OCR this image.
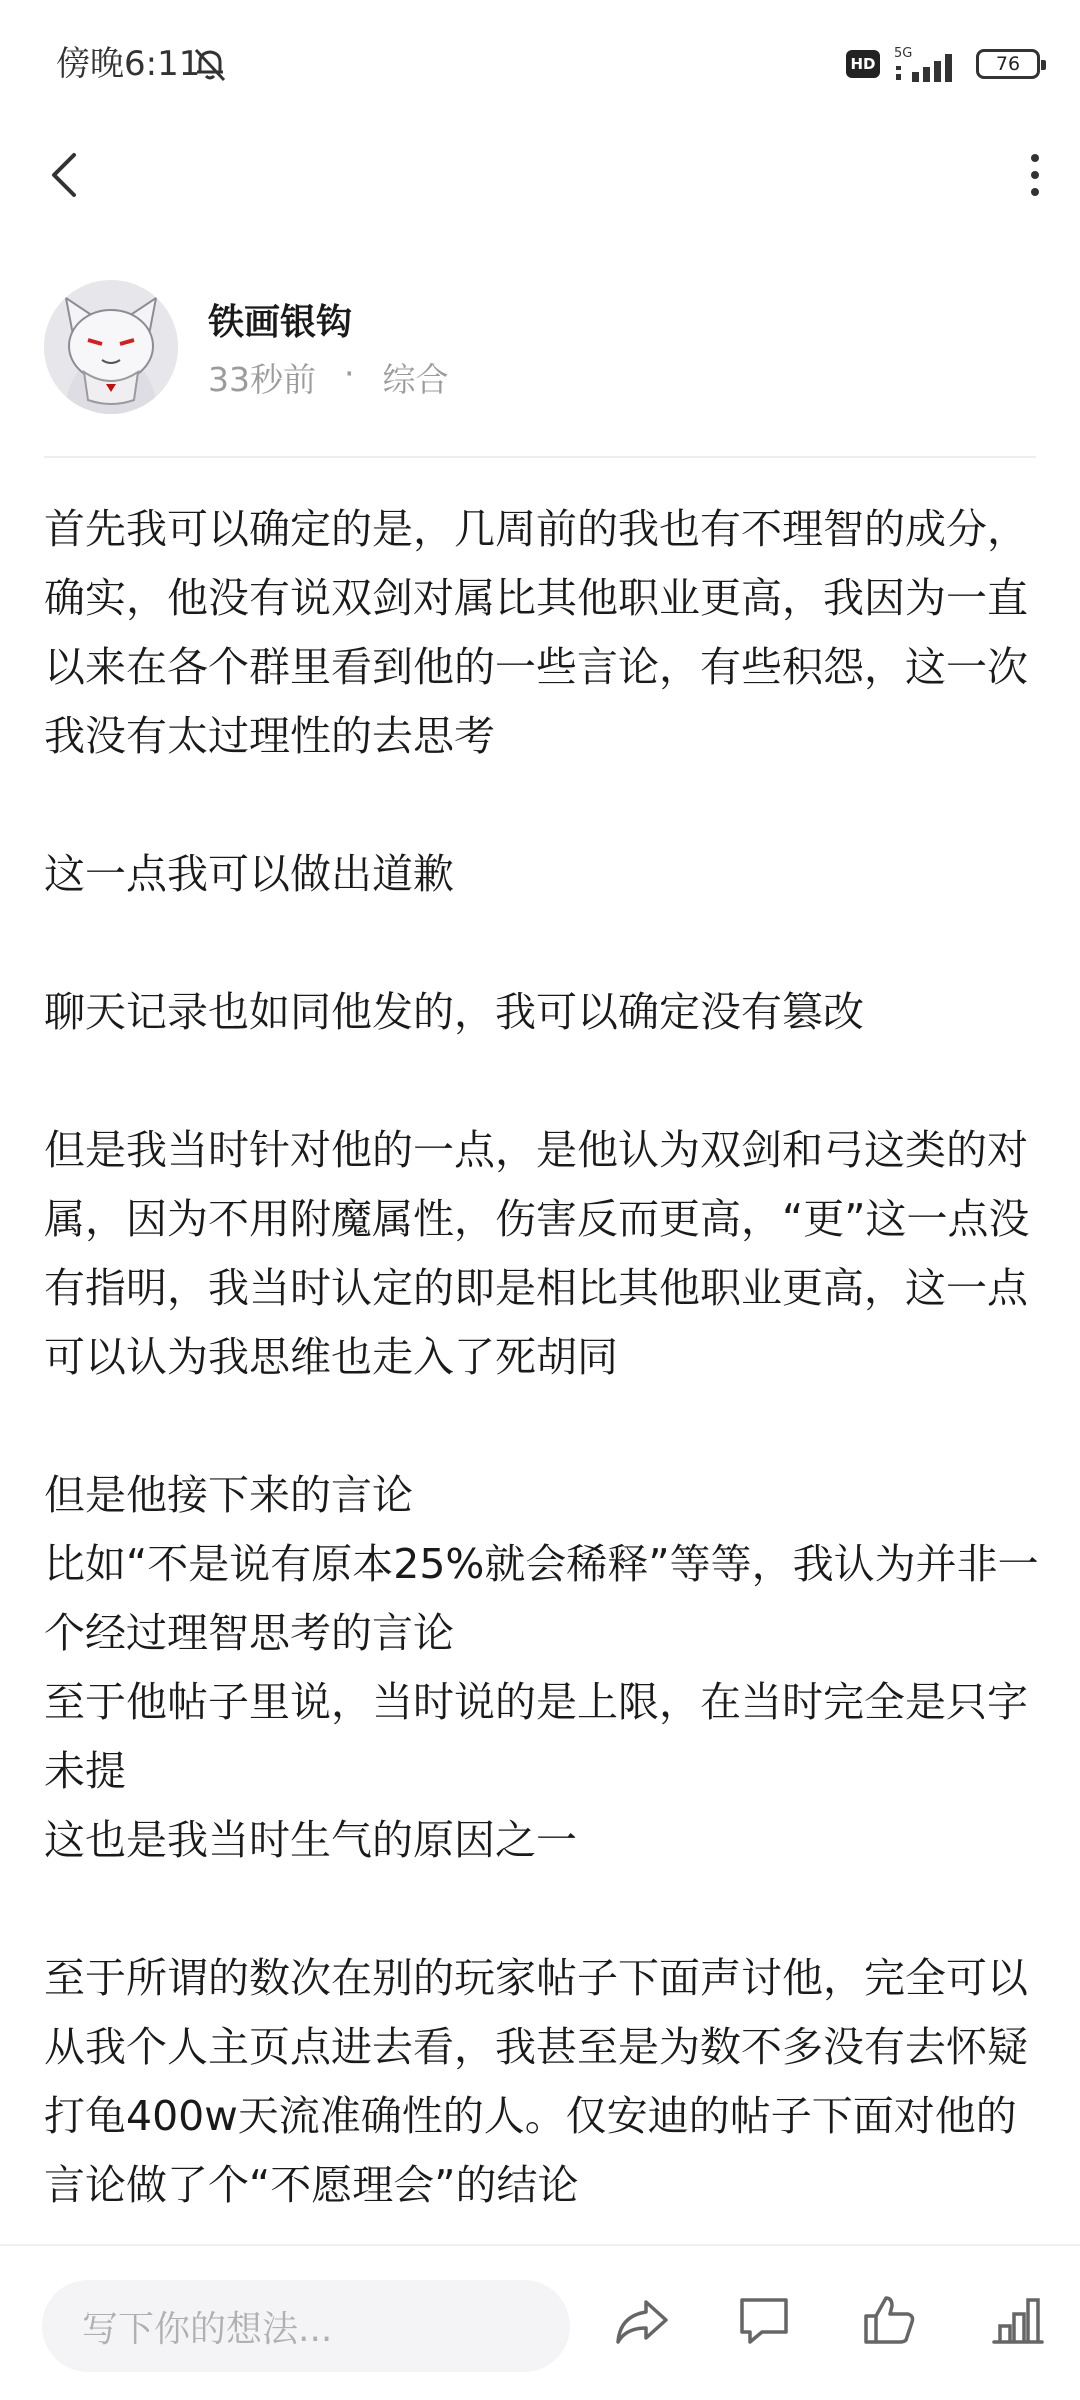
傍晚6:11	HD
5G	76
铁画银钩
33秒前 · 综合

首先我可以确定的是，几周前的我也有不理智的成分，确实，他没有说双剑对属比其他职业更高，我因为一直以来在各个群里看到他的一些言论，有些积怨，这一次我没有太过理性的去思考

这一点我可以做出道歉

聊天记录也如同他发的，我可以确定没有篡改

但是我当时针对他的一点，是他认为双剑和弓这类的对属，因为不用附魔属性，伤害反而更高，“更”这一点没有指明，我当时认定的即是相比其他职业更高，这一点可以认为我思维也走入了死胡同

但是他接下来的言论

比如“不是说有原本25%就会稀释”等等，我认为并非一个经过理智思考的言论

至于他帖子里说，当时说的是上限，在当时完全是只字未提

这也是我当时生气的原因之一

至于所谓的数次在别的玩家帖子下面声讨他，完全可以从我个人主页点进去看，我甚至是为数不多没有去怀疑打龟400w天流准确性的人。仅安迪的帖子下面对他的言论做了个“不愿理会”的结论

写下你的想法...
